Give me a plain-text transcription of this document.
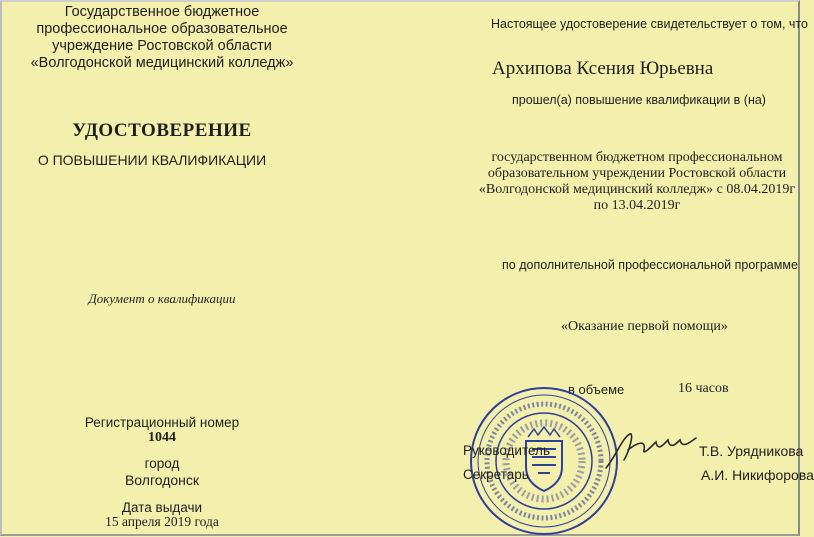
Государственное бюджетное профессиональное образовательное учреждение Ростовской области «Волгодонской медицинский колледж»
УДОСТОВЕРЕНИЕ
О ПОВЫШЕНИИ КВАЛИФИКАЦИИ
Документ о квалификации
Регистрационный номер
1044
город
Волгодонск
Дата выдачи
15 апреля 2019 года
Настоящее удостоверение свидетельствует о том, что
Архипова Ксения Юрьевна
прошел(а) повышение квалификации в (на)
государственном бюджетном профессиональном образовательном учреждении Ростовской области «Волгодонской медицинский колледж» с 08.04.2019г по 13.04.2019г
по дополнительной профессиональной программе
«Оказание первой помощи»
в объеме	16 часов
Руководитель	Т.В. Урядникова
Секретарь	А.И. Никифорова
